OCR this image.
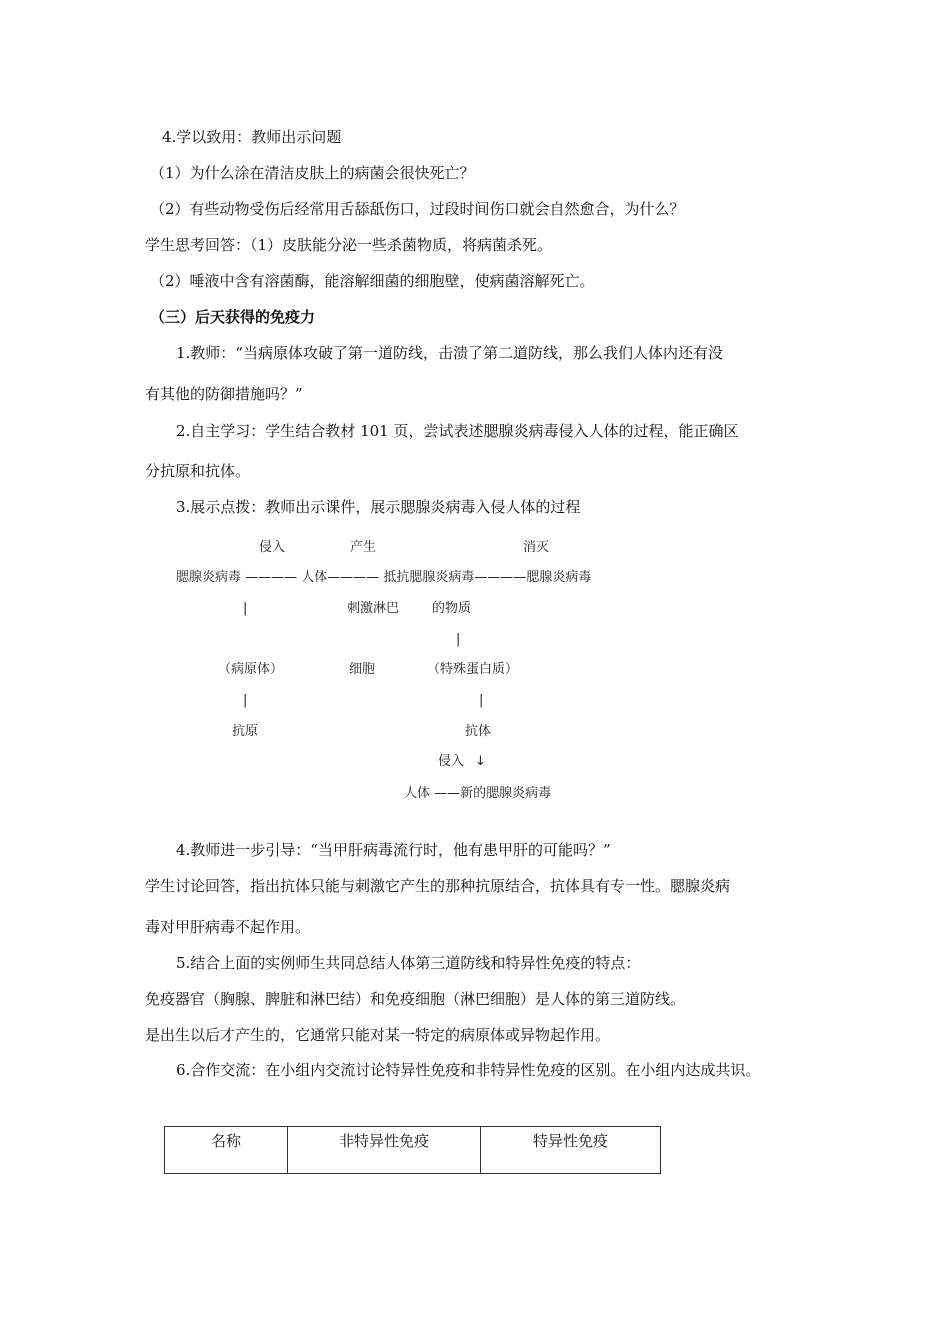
4.学以致用：教师出示问题
（1）为什么涂在清洁皮肤上的病菌会很快死亡？
（2）有些动物受伤后经常用舌舔舐伤口，过段时间伤口就会自然愈合，为什么？
学生思考回答：（1）皮肤能分泌一些杀菌物质，将病菌杀死。
（2）唾液中含有溶菌酶，能溶解细菌的细胞壁，使病菌溶解死亡。
（三）后天获得的免疫力
1.教师：“当病原体攻破了第一道防线，击溃了第二道防线，那么我们人体内还有没
有其他的防御措施吗？”
2.自主学习：学生结合教材 101 页，尝试表述腮腺炎病毒侵入人体的过程，能正确区
分抗原和抗体。
3.展示点拨：教师出示课件，展示腮腺炎病毒入侵人体的过程
侵入	产生	消灭
腮腺炎病毒 ———— 人体———— 抵抗腮腺炎病毒————腮腺炎病毒
|	刺激淋巴	的物质
|
（病原体）	细胞	（特殊蛋白质）
|	|
抗原	抗体
侵入 ↓
人体 ——新的腮腺炎病毒
4.教师进一步引导：“当甲肝病毒流行时，他有患甲肝的可能吗？”
学生讨论回答，指出抗体只能与刺激它产生的那种抗原结合，抗体具有专一性。腮腺炎病
毒对甲肝病毒不起作用。
5.结合上面的实例师生共同总结人体第三道防线和特异性免疫的特点：
免疫器官（胸腺、脾脏和淋巴结）和免疫细胞（淋巴细胞）是人体的第三道防线。
是出生以后才产生的，它通常只能对某一特定的病原体或异物起作用。
6.合作交流：在小组内交流讨论特异性免疫和非特异性免疫的区别。在小组内达成共识。
名称	非特异性免疫	特异性免疫
